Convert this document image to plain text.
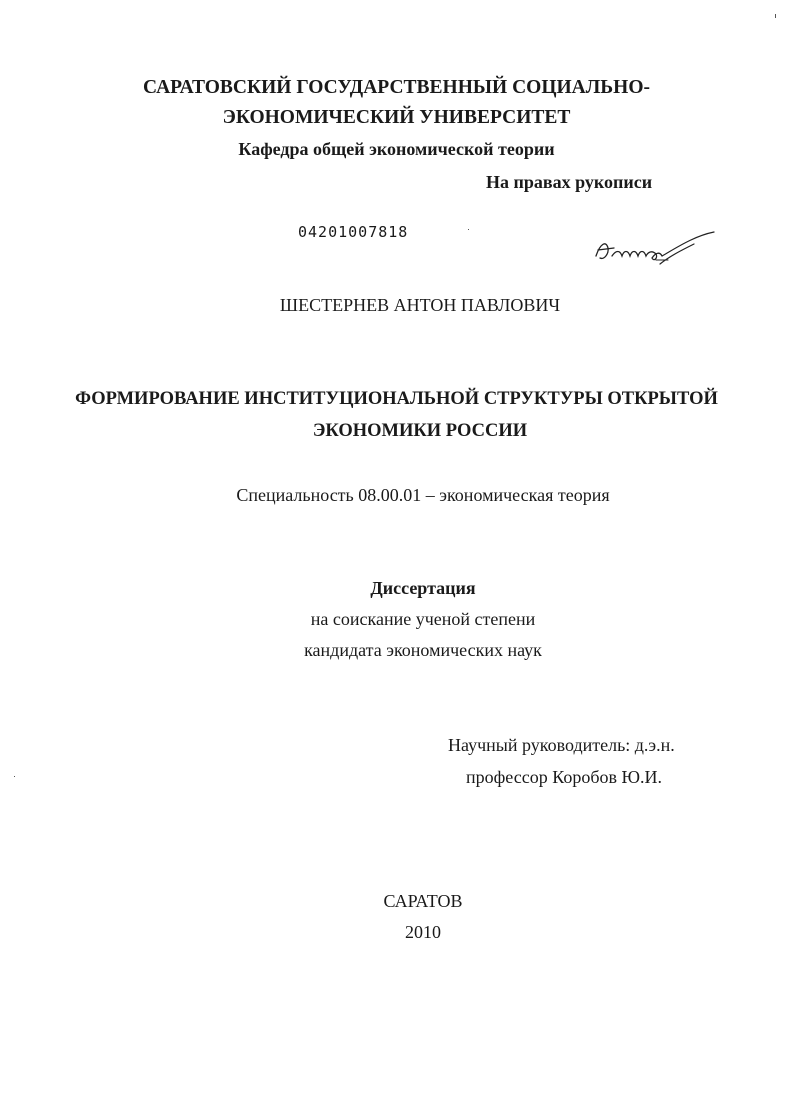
САРАТОВСКИЙ ГОСУДАРСТВЕННЫЙ СОЦИАЛЬНО-
ЭКОНОМИЧЕСКИЙ УНИВЕРСИТЕТ
Кафедра общей экономической теории
На правах рукописи
04201007818
ШЕСТЕРНЕВ АНТОН ПАВЛОВИЧ
ФОРМИРОВАНИЕ ИНСТИТУЦИОНАЛЬНОЙ СТРУКТУРЫ ОТКРЫТОЙ
ЭКОНОМИКИ РОССИИ
Специальность 08.00.01 – экономическая теория
Диссертация
на соискание ученой степени
кандидата экономических наук
Научный руководитель: д.э.н.
профессор Коробов Ю.И.
САРАТОВ
2010
